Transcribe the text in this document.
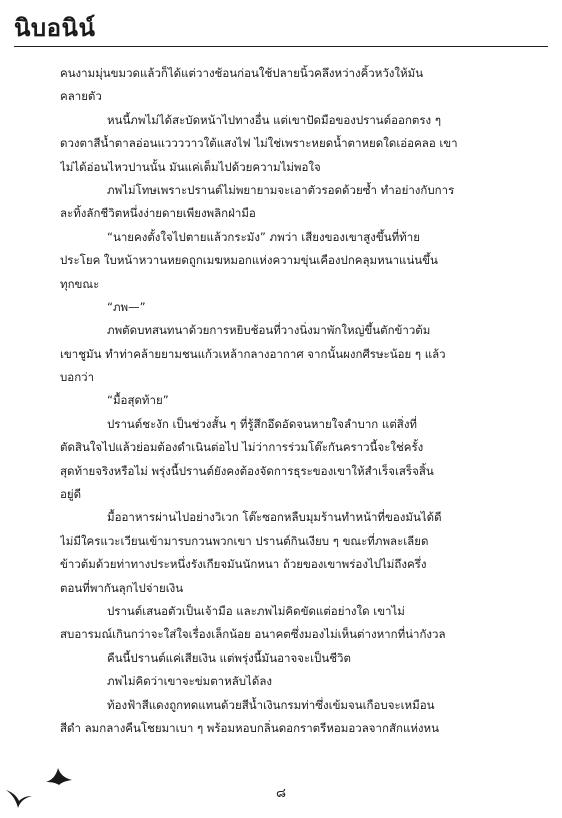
นิบอนิน์
คนงามมุ่นขมวดแล้วก็ได้แต่วางช้อนก่อนใช้ปลายนิ้วคลึงหว่างคิ้วหวังให้มัน
คลายตัว
หนนี้ภพไม่ได้สะบัดหน้าไปทางอื่น แต่เขาปัดมือของปรานต์ออกตรง ๆ
ดวงตาสีน้ำตาลอ่อนแววววาวใต้แสงไฟ ไม่ใช่เพราะหยดน้ำตาหยดใดเอ่อคลอ เขา
ไม่ได้อ่อนไหวปานนั้น มันแค่เต็มไปด้วยความไม่พอใจ
ภพไม่โทษเพราะปรานต์ไม่พยายามจะเอาตัวรอดด้วยซ้ำ ทำอย่างกับการ
ละทิ้งลักชีวิตหนึ่งง่ายดายเพียงพลิกฝ่ามือ
“นายคงตั้งใจไปตายแล้วกระมัง” ภพว่า เสียงของเขาสูงขึ้นที่ท้าย
ประโยค ใบหน้าหวานหยดถูกเมฆหมอกแห่งความขุ่นเคืองปกคลุมหนาแน่นขึ้น
ทุกขณะ
“ภพ—”
ภพตัดบทสนทนาด้วยการหยิบช้อนที่วางนิ่งมาพักใหญ่ขึ้นตักข้าวต้ม
เขาชูมัน ทำท่าคล้ายยามชนแก้วเหล้ากลางอากาศ จากนั้นผงกศีรษะน้อย ๆ แล้ว
บอกว่า
“มื้อสุดท้าย”
ปรานต์ชะงัก เป็นช่วงสั้น ๆ ที่รู้สึกอึดอัดจนหายใจลำบาก แต่สิ่งที่
ตัดสินใจไปแล้วย่อมต้องดำเนินต่อไป ไม่ว่าการร่วมโต๊ะกันคราวนี้จะใช่ครั้ง
สุดท้ายจริงหรือไม่ พรุ่งนี้ปรานต์ยังคงต้องจัดการธุระของเขาให้สำเร็จเสร็จสิ้น
อยู่ดี
มื้ออาหารผ่านไปอย่างวิเวก โต๊ะซอกหลืบมุมร้านทำหน้าที่ของมันได้ดี
ไม่มีใครแวะเวียนเข้ามารบกวนพวกเขา ปรานต์กินเงียบ ๆ ขณะที่ภพละเลียด
ข้าวต้มด้วยท่าทางประหนึ่งรังเกียจมันนักหนา ถ้วยของเขาพร่องไปไม่ถึงครึ่ง
ตอนที่พากันลุกไปจ่ายเงิน
ปรานต์เสนอตัวเป็นเจ้ามือ และภพไม่คิดขัดแต่อย่างใด เขาไม่
สบอารมณ์เกินกว่าจะใส่ใจเรื่องเล็กน้อย อนาคตซึ่งมองไม่เห็นต่างหากที่น่ากังวล
คืนนี้ปรานต์แค่เสียเงิน แต่พรุ่งนี้มันอาจจะเป็นชีวิต
ภพไม่คิดว่าเขาจะข่มตาหลับได้ลง
ท้องฟ้าสีแดงถูกทดแทนด้วยสีน้ำเงินกรมท่าซึ่งเข้มจนเกือบจะเหมือน
สีดำ ลมกลางคืนโชยมาเบา ๆ พร้อมหอบกลิ่นดอกราตรีหอมอวลจากสักแห่งหน
๘
